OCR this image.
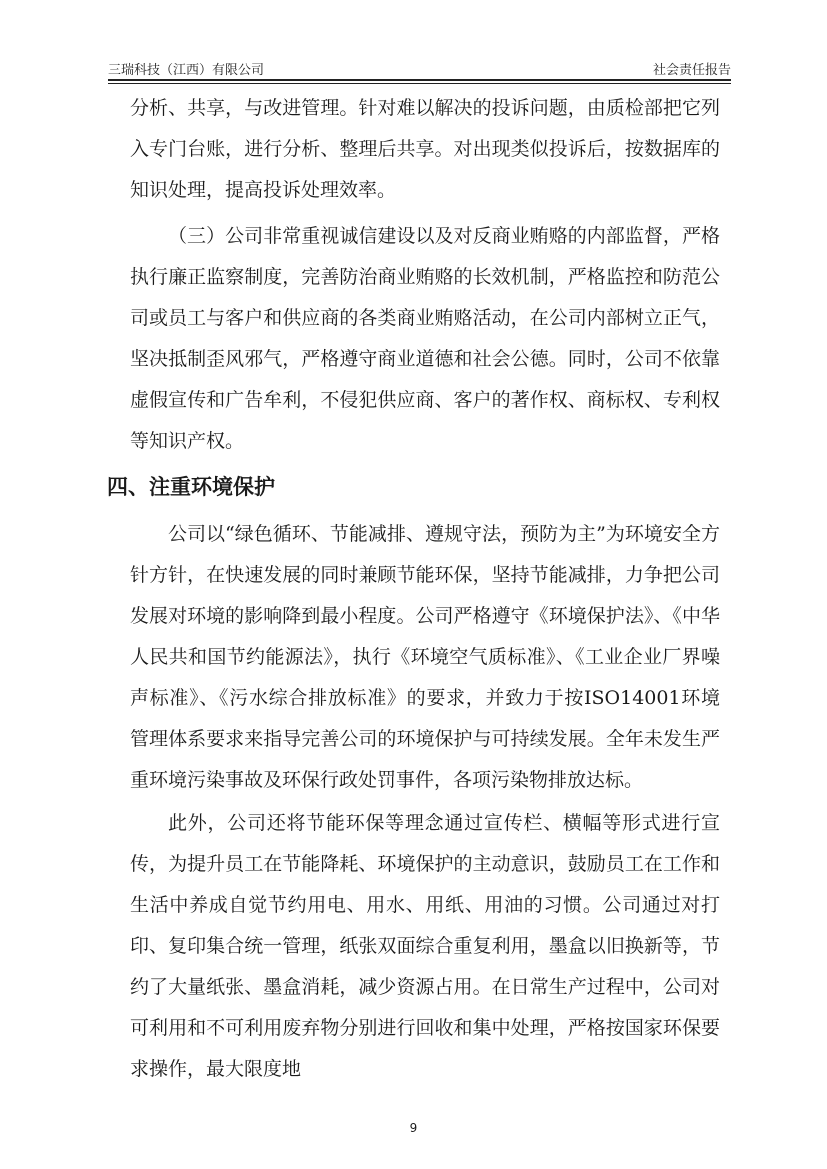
三瑞科技（江西）有限公司	社会责任报告

分析、共享，与改进管理。针对难以解决的投诉问题，由质检部把它列入专门台账，进行分析、整理后共享。对出现类似投诉后，按数据库的知识处理，提高投诉处理效率。

（三）公司非常重视诚信建设以及对反商业贿赂的内部监督，严格执行廉正监察制度，完善防治商业贿赂的长效机制，严格监控和防范公司或员工与客户和供应商的各类商业贿赂活动，在公司内部树立正气，坚决抵制歪风邪气，严格遵守商业道德和社会公德。同时，公司不依靠虚假宣传和广告牟利，不侵犯供应商、客户的著作权、商标权、专利权等知识产权。

四、注重环境保护

公司以“绿色循环、节能减排、遵规守法，预防为主”为环境安全方针方针，在快速发展的同时兼顾节能环保，坚持节能减排，力争把公司发展对环境的影响降到最小程度。公司严格遵守《环境保护法》、《中华人民共和国节约能源法》，执行《环境空气质标准》、《工业企业厂界噪声标准》、《污水综合排放标准》的要求，并致力于按ISO14001环境管理体系要求来指导完善公司的环境保护与可持续发展。全年未发生严重环境污染事故及环保行政处罚事件，各项污染物排放达标。

此外，公司还将节能环保等理念通过宣传栏、横幅等形式进行宣传，为提升员工在节能降耗、环境保护的主动意识，鼓励员工在工作和生活中养成自觉节约用电、用水、用纸、用油的习惯。公司通过对打印、复印集合统一管理，纸张双面综合重复利用，墨盒以旧换新等，节约了大量纸张、墨盒消耗，减少资源占用。在日常生产过程中，公司对可利用和不可利用废弃物分别进行回收和集中处理，严格按国家环保要求操作，最大限度地

9
